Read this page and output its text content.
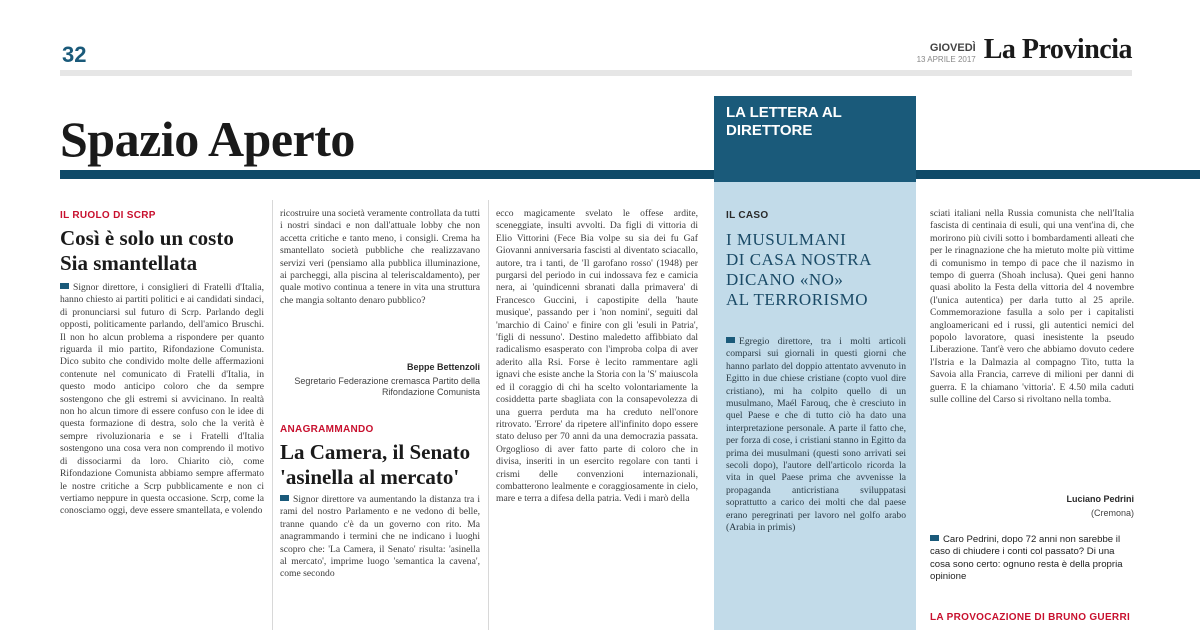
32	GIOVEDÌ
13 APRILE 2017 La Provincia
Spazio Aperto	LA LETTERA AL DIRETTORE
IL RUOLO DI SCRP
Così è solo un costo
Sia smantellata
Signor direttore, i consiglieri di Fratelli d'Italia, hanno chiesto ai partiti politici e ai candidati sindaci, di pronunciarsi sul futuro di Scrp. Parlando degli opposti, politicamente parlando, dell'amico Bruschi. Il non ho alcun problema a rispondere per quanto riguarda il mio partito, Rifondazione Comunista. Dico subito che condivido molte delle affermazioni contenute nel comunicato di Fratelli d'Italia, in questo modo anticipo coloro che da sempre sostengono che gli estremi si avvicinano. In realtà non ho alcun timore di essere confuso con le idee di questa formazione di destra, solo che la verità è sempre rivoluzionaria e se i Fratelli d'Italia sostengono una cosa vera non comprendo il motivo di dissociarmi da loro. Chiarito ciò, come Rifondazione Comunista abbiamo sempre affermato le nostre critiche a Scrp pubblicamente e non ci vertiamo neppure in questa occasione. Scrp, come la conosciamo oggi, deve essere smantellata, e volendo
ricostruire una società veramente controllata da tutti i nostri sindaci e non dall'attuale lobby che non accetta critiche e tanto meno, i consigli. Crema ha smantellato società pubbliche che realizzavano servizi veri (pensiamo alla pubblica illuminazione, ai parcheggi, alla piscina al teleriscaldamento), per quale motivo continua a tenere in vita una struttura che mangia soltanto denaro pubblico?
Beppe Bettenzoli
Segretario Federazione cremasca Partito della Rifondazione Comunista
ANAGRAMMANDO
La Camera, il Senato
'asinella al mercato'
Signor direttore va aumentando la distanza tra i rami del nostro Parlamento e ne vedono di belle, tranne quando c'è da un governo con rito. Ma anagrammando i termini che ne indicano i luoghi scopro che: 'La Camera, il Senato' risulta: 'asinella al mercato', imprime luogo 'semantica la cavena', come secondo
ecco magicamente svelato le offese ardite, sceneggiate, insulti avvolti. Da figli di vittoria di Elio Vittorini (Fece Bia volpe su sia dei fu Gaf Giovanni anniversaria fascisti al diventato sciacallo, autore, tra i tanti, de 'Il garofano rosso' (1948) per purgarsi del periodo in cui indossava fez e camicia nera, ai 'quindicenni sbranati dalla primavera' di Francesco Guccini, i capostipite della 'haute musique', passando per i 'non nomini', seguiti dal 'marchio di Caino' e finire con gli 'esuli in Patria', 'figli di nessuno'. Destino maledetto affibbiato dal radicalismo esasperato con l'improba colpa di aver aderito alla Rsi. Forse è lecito rammentare agli ignavi che esiste anche la Storia con la 'S' maiuscola ed il coraggio di chi ha scelto volontariamente la cosiddetta parte sbagliata con la consapevolezza di una guerra perduta ma ha creduto nell'onore ritrovato. 'Errore' da ripetere all'infinito dopo essere stato deluso per 70 anni da una democrazia passata. Orgoglioso di aver fatto parte di coloro che in divisa, inseriti in un esercito regolare con tanti i crismi delle convenzioni internazionali, combatterono lealmente e coraggiosamente in cielo, mare e terra a difesa della patria. Vedi i marò della
IL CASO
I MUSULMANI
DI CASA NOSTRA
DICANO «NO»
AL TERRORISMO
Egregio direttore, tra i molti articoli comparsi sui giornali in questi giorni che hanno parlato del doppio attentato avvenuto in Egitto in due chiese cristiane (copto vuol dire cristiano), mi ha colpito quello di un musulmano, Maél Farouq, che è cresciuto in quel Paese e che di tutto ciò ha dato una interpretazione personale. A parte il fatto che, per forza di cose, i cristiani stanno in Egitto da prima dei musulmani (questi sono arrivati sei secoli dopo), l'autore dell'articolo ricorda la vita in quel Paese prima che avvenisse la propaganda anticristiana sviluppatasi soprattutto a carico dei molti che dal paese erano peregrinati per lavoro nel golfo arabo (Arabia in primis)
sciati italiani nella Russia comunista che nell'Italia fascista di centinaia di esuli, qui una vent'ina di, che morirono più civili sotto i bombardamenti alleati che per le rinagnazione che ha mietuto molte più vittime di comunismo in tempo di pace che il nazismo in tempo di guerra (Shoah inclusa). Quei geni hanno quasi abolito la Festa della vittoria del 4 novembre (l'unica autentica) per darla tutto al 25 aprile. Commemorazione fasulla a solo per i capitalisti angloamericani ed i russi, gli autentici nemici del popolo lavoratore, quasi inesistente la pseudo Liberazione. Tant'è vero che abbiamo dovuto cedere l'Istria e la Dalmazia al compagno Tito, tutta la Savoia alla Francia, carreve di milioni per danni di guerra. E la chiamano 'vittoria'. E 4.50 mila caduti sulle colline del Carso si rivoltano nella tomba.
Luciano Pedrini
(Cremona)
Caro Pedrini, dopo 72 anni non sarebbe il caso di chiudere i conti col passato? Di una cosa sono certo: ognuno resta è della propria opinione
LA PROVOCAZIONE DI BRUNO GUERRI
